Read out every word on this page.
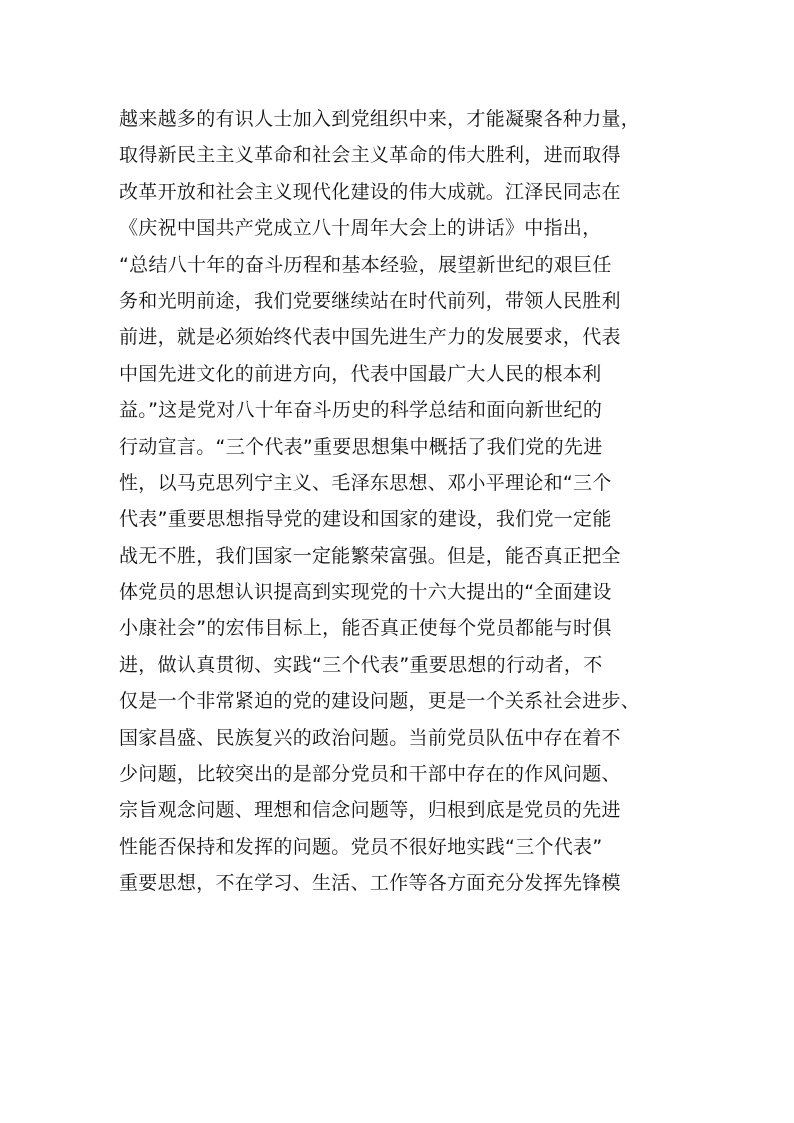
越来越多的有识人士加入到党组织中来，才能凝聚各种力量，
取得新民主主义革命和社会主义革命的伟大胜利，进而取得
改革开放和社会主义现代化建设的伟大成就。江泽民同志在
《庆祝中国共产党成立八十周年大会上的讲话》中指出，
“总结八十年的奋斗历程和基本经验，展望新世纪的艰巨任
务和光明前途，我们党要继续站在时代前列，带领人民胜利
前进，就是必须始终代表中国先进生产力的发展要求，代表
中国先进文化的前进方向，代表中国最广大人民的根本利
益。”这是党对八十年奋斗历史的科学总结和面向新世纪的
行动宣言。“三个代表”重要思想集中概括了我们党的先进
性，以马克思列宁主义、毛泽东思想、邓小平理论和“三个
代表”重要思想指导党的建设和国家的建设，我们党一定能
战无不胜，我们国家一定能繁荣富强。但是，能否真正把全
体党员的思想认识提高到实现党的十六大提出的“全面建设
小康社会”的宏伟目标上，能否真正使每个党员都能与时俱
进，做认真贯彻、实践“三个代表”重要思想的行动者，不
仅是一个非常紧迫的党的建设问题，更是一个关系社会进步、
国家昌盛、民族复兴的政治问题。当前党员队伍中存在着不
少问题，比较突出的是部分党员和干部中存在的作风问题、
宗旨观念问题、理想和信念问题等，归根到底是党员的先进
性能否保持和发挥的问题。党员不很好地实践“三个代表”
重要思想，不在学习、生活、工作等各方面充分发挥先锋模
